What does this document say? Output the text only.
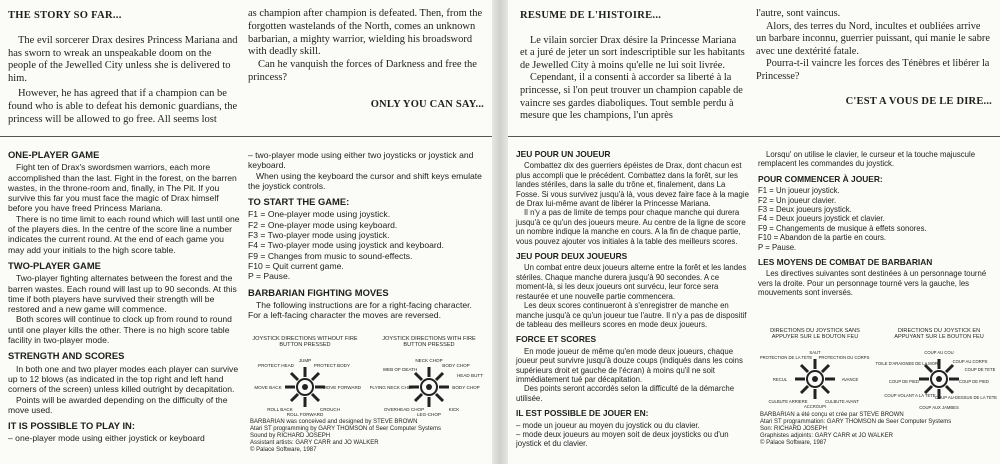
THE STORY SO FAR...

The evil sorcerer Drax desires Princess Mariana and has sworn to wreak an unspeakable doom on the people of the Jewelled City unless she is delivered to him.

However, he has agreed that if a champion can be found who is able to defeat his demonic guardians, the princess will be allowed to go free. All seems lost

as champion after champion is defeated. Then, from the forgotten wastelands of the North, comes an unknown barbarian, a mighty warrior, wielding his broadsword with deadly skill.

Can he vanquish the forces of Darkness and free the princess?

ONLY YOU CAN SAY...
ONE-PLAYER GAME

Fight ten of Drax's swordsmen warriors, each more accomplished than the last. Fight in the forest, on the barren wastes, in the throne-room and, finally, in The Pit. If you survive this far you must face the magic of Drax himself before you have freed Princess Mariana.

There is no time limit to each round which will last until one of the players dies. In the centre of the score line a number indicates the current round. At the end of each game you may add your initials to the high score table.

TWO-PLAYER GAME

Two-player fighting alternates between the forest and the barren wastes. Each round will last up to 90 seconds. At this time if both players have survived their strength will be restored and a new game will commence.

Both scores will continue to clock up from round to round until one player kills the other. There is no high score table facility in two-player mode.

STRENGTH AND SCORES

In both one and two player modes each player can survive up to 12 blows (as indicated in the top right and left hand corners of the screen) unless killed outright by decapitation.

Points will be awarded depending on the difficulty of the move used.

IT IS POSSIBLE TO PLAY IN:
– one-player mode using either joystick or keyboard
– two-player mode using either two joysticks or joystick and keyboard.

When using the keyboard the cursor and shift keys emulate the joystick controls.

TO START THE GAME:
F1 = One-player mode using joystick.
F2 = One-player mode using keyboard.
F3 = Two-player mode using joystick.
F4 = Two-player mode using joystick and keyboard.
F9 = Changes from music to sound-effects.
F10 = Quit current game.
P = Pause.
BARBARIAN FIGHTING MOVES

The following instructions are for a right-facing character. For a left-facing character the moves are reversed.

JOYSTICK DIRECTIONS WITHOUT FIRE BUTTON PRESSED
JUMP
PROTECT BODY
MOVE FORWARD
CROUCH
ROLL FORWARD
ROLL BACK
MOVE BACK
PROTECT HEAD
JOYSTICK DIRECTIONS WITH FIRE BUTTON PRESSED
NECK CHOP
BODY CHOP
BODY CHOP
KICK
LEG-CHOP
OVERHEAD CHOP
FLYING NECK CHOP
WEB OF DEATH
HEAD BUTT
BARBARIAN was conceived and designed by STEVE BROWN
Atari ST programming by GARY THOMSON of Seer Computer Systems
Sound by RICHARD JOSEPH
Assistant artists: GARY CARR and JO WALKER
© Palace Software, 1987
RESUME DE L'HISTOIRE...

Le vilain sorcier Drax désire la Princesse Mariana et a juré de jeter un sort indescriptible sur les habitants de Jewelled City à moins qu'elle ne lui soit livrée.

Cependant, il a consenti à accorder sa liberté à la princesse, si l'on peut trouver un champion capable de vaincre ses gardes diaboliques. Tout semble perdu à mesure que les champions, l'un après

l'autre, sont vaincus.

Alors, des terres du Nord, incultes et oubliées arrive un barbare inconnu, guerrier puissant, qui manie le sabre avec une dextérité fatale.

Pourra-t-il vaincre les forces des Ténèbres et libérer la Princesse?

C'EST A VOUS DE LE DIRE...
JEU POUR UN JOUEUR

Combattez dix des guerriers épéistes de Drax, dont chacun est plus accompli que le précédent. Combattez dans la forêt, sur les landes stériles, dans la salle du trône et, finalement, dans La Fosse. Si vous survivez jusqu'à là, vous devez faire face à la magie de Drax lui-même avant de libérer la Princesse Mariana.

Il n'y a pas de limite de temps pour chaque manche qui durera jusqu'à ce qu'un des joueurs meure. Au centre de la ligne de score un nombre indique la manche en cours. A la fin de chaque partie, vous pouvez ajouter vos initiales à la table des meilleurs scores.

JEU POUR DEUX JOUEURS

Un combat entre deux joueurs alterne entre la forêt et les landes stériles. Chaque manche durera jusqu'à 90 secondes. A ce moment-là, si les deux joueurs ont survécu, leur force sera restaurée et une nouvelle partie commencera.

Les deux scores continueront à s'enregistrer de manche en manche jusqu'à ce qu'un joueur tue l'autre. Il n'y a pas de dispositif de tableau des meilleurs scores en mode deux joueurs.

FORCE ET SCORES

En mode joueur de même qu'en mode deux joueurs, chaque joueur peut survivre jusqu'à douze coups (indiqués dans les coins supérieurs droit et gauche de l'écran) à moins qu'il ne soit immédiatement tué par décapitation.

Des points seront accordés selon la difficulté de la démarche utilisée.

IL EST POSSIBLE DE JOUER EN:
– mode un joueur au moyen du joystick ou du clavier.
– mode deux joueurs au moyen soit de deux joysticks ou d'un joystick et du clavier.

Lorsqu' on utilise le clavier, le curseur et la touche majuscule remplacent les commandes du joystick.

POUR COMMENCER À JOUER:
F1 = Un joueur joystick.
F2 = Un joueur clavier.
F3 = Deux joueurs joystick.
F4 = Deux joueurs joystick et clavier.
F9 = Changements de musique à effets sonores.
F10 = Abandon de la partie en cours.
P = Pause.
LES MOYENS DE COMBAT DE BARBARIAN

Les directives suivantes sont destinées à un personnage tourné vers la droite. Pour un personnage tourné vers la gauche, les mouvements sont inversés.

DIRECTIONS DU JOYSTICK SANS APPUYER SUR LE BOUTON FEU
SAUT
PROTECTION DU CORPS
AVANCE
CULBUTE AVANT
ACCROUPI
CULBUTE ARRIERE
RECUL
PROTECTION DE LA TETE
DIRECTIONS DU JOYSTICK EN APPUYANT SUR LE BOUTON FEU
COUP AU COU
COUP AU CORPS
COUP DE PIED
COUP AUX JAMBES
COUP AU-DESSUS DE LA TETE
COUP VOLANT A LA TETE
TOILE D'ARAIGNEE DE LA MORT
COUP DE TETE
COUP DE PIED
BARBARIAN a été conçu et crée par STEVE BROWN
Atari ST programmation: GARY THOMSON de Seer Computer Systems
Son: RICHARD JOSEPH
Graphistes adjoints: GARY CARR et JO WALKER
© Palace Software, 1987
